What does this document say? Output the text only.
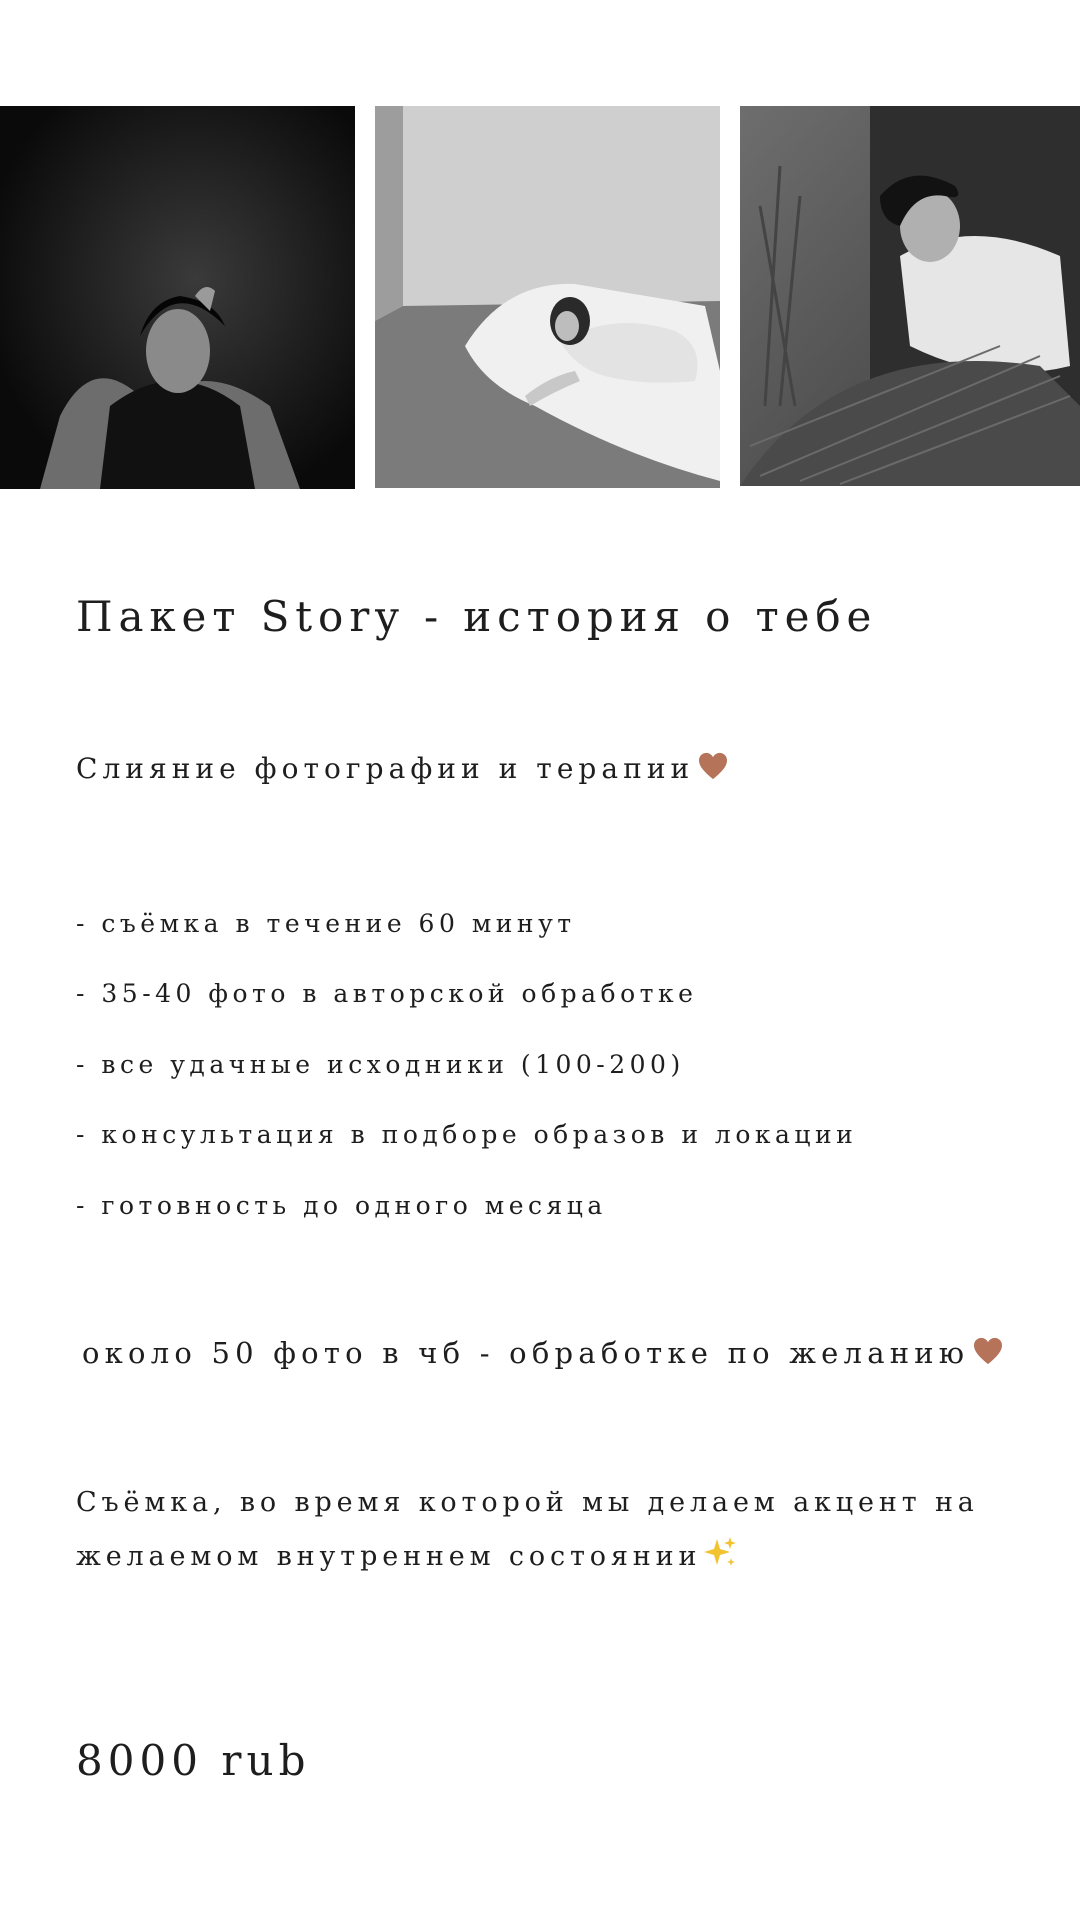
Пакет Story - история о тебе
Слияние фотографии и терапии
- съёмка в течение 60 минут
- 35-40 фото в авторской обработке
- все удачные исходники (100-200)
- консультация в подборе образов и локации
- готовность до одного месяца
около 50 фото в чб - обработке по желанию
Съёмка, во время которой мы делаем акцент на
желаемом внутреннем состоянии
8000 rub
